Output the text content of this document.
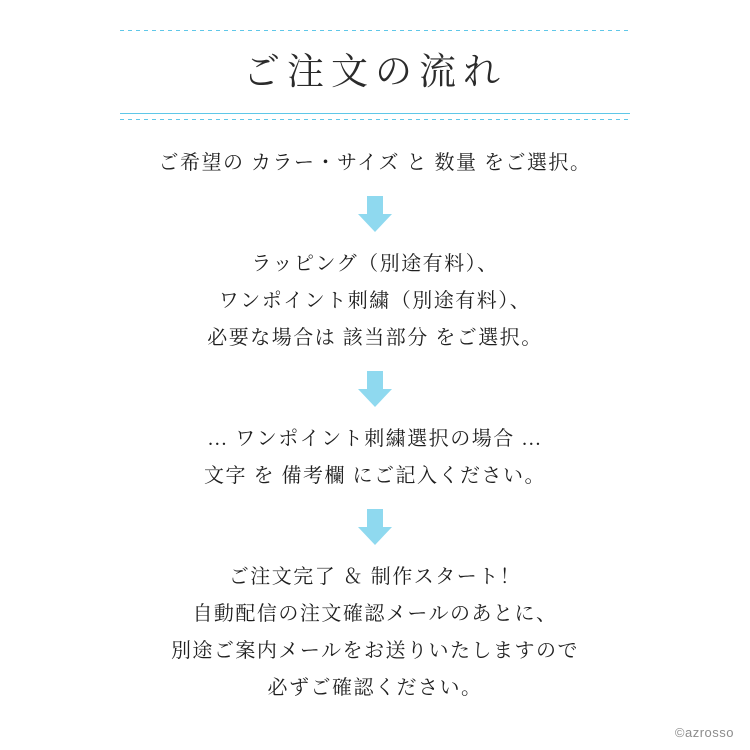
ご注文の流れ
ご希望の カラー・サイズ と 数量 をご選択。
ラッピング（別途有料）、
ワンポイント刺繍（別途有料）、
必要な場合は 該当部分 をご選択。
… ワンポイント刺繍選択の場合 …
文字 を 備考欄 にご記入ください。
ご注文完了 ＆ 制作スタート！
自動配信の注文確認メールのあとに、
別途ご案内メールをお送りいたしますので
必ずご確認ください。
©azrosso
